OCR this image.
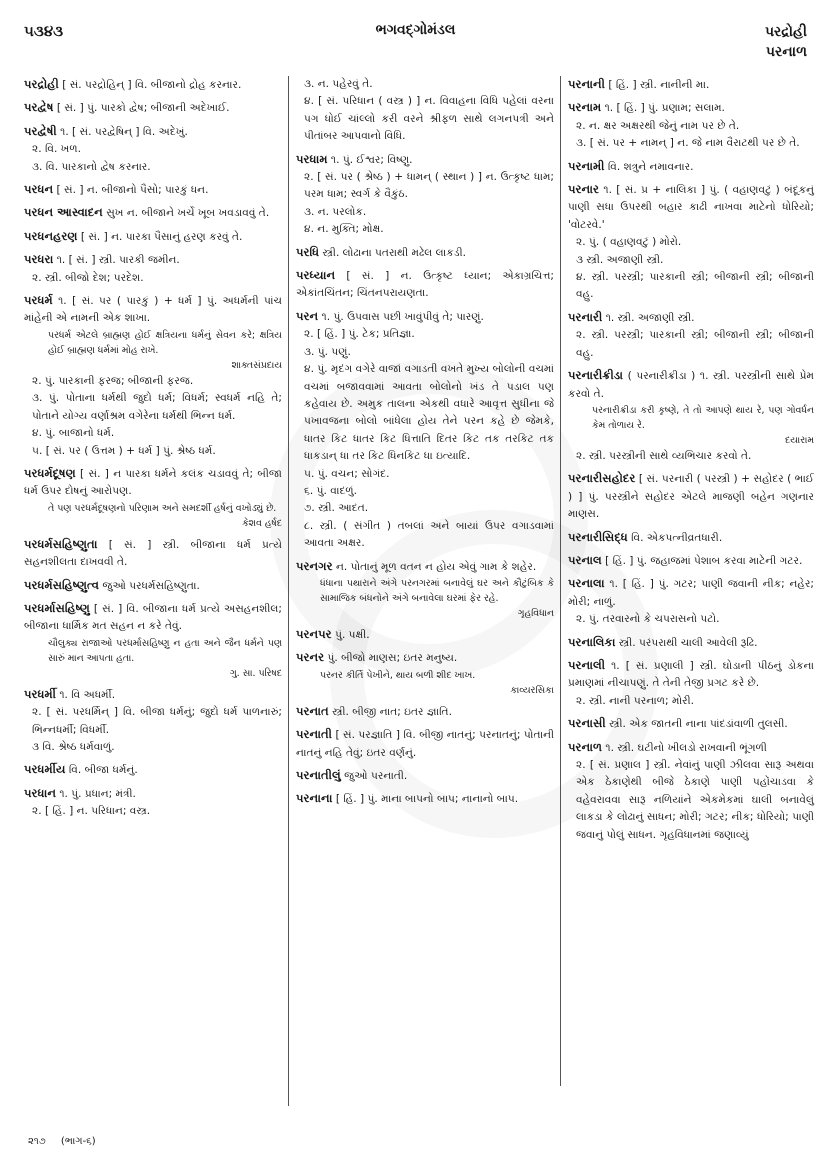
૫૩૪૩	ભગવદ્ગોમંડલ	પરદ્રોહી
પરનાળ
પરદ્રોહી [ સં. પરદ્રોહિન્ ] વિ. બીજાનો દ્રોહ કરનાર.
પરદ્વેષ [ સં. ] પું. પારકો દ્વેષ; બીજાની અદેખાઈ.
પરદ્વેષી ૧. [ સં. પરદ્વેષિન્ ] વિ. અદેખું.
૨. વિ. ખળ.
૩. વિ. પારકાનો દ્વેષ કરનાર.
પરધન [ સં. ] ન. બીજાનો પૈસો; પારકું ધન.
પરધન આસ્વાદન સુખ ન. બીજાને ખર્ચે ખૂબ ખવડાવવું તે.
પરધનહરણ [ સં. ] ન. પારકા પૈસાનું હરણ કરવું તે.
પરધરા ૧. [ સં. ] સ્ત્રી. પારકી જમીન.
૨. સ્ત્રી. બીજો દેશ; પરદેશ.
પરધર્મ ૧. [ સં. પર ( પારકું ) + ધર્મ ] પું. અધર્મની પાંચ માંહેની એ નામની એક શાખા.
પરધર્મ એટલે બ્રાહ્મણ હોઈ ક્ષત્રિયના ધર્મનું સેવન કરે; ક્ષત્રિય હોઈ બ્રાહ્મણ ધર્મમાં મોહ રાખે.
શાક્તસંપ્રદાય
૨. પું. પારકાની ફરજ; બીજાની ફરજ.
૩. પું. પોતાના ધર્મથી જુદો ધર્મ; વિધર્મ; સ્વધર્મ નહિ તે; પોતાને યોગ્ય વર્ણાશ્રમ વગેરેના ધર્મથી ભિન્ન ધર્મ.
૪. પું. બાજાનો ધર્મ.
૫. [ સં. પર ( ઉત્તમ ) + ધર્મ ] પું. શ્રેષ્ઠ ધર્મ.
પરધર્મદૂષણ [ સં. ] ન પારકા ધર્મને કલંક ચડાવવું તે; બીજા ધર્મ ઉપર દોષનું આરોપણ.
તે પણ પરધર્મદૂષણનો પરિણામ અને સમદર્શી હર્ષનું વખોડ્યું છે.
કેશવ હર્ષદ
પરધર્મસહિષ્ણુતા [ સં. ] સ્ત્રી. બીજાના ધર્મ પ્રત્યે સહનશીલતા દાખવવી તે.
પરધર્મસહિષ્ણુત્વ જુઓ પરધર્મસહિષ્ણુતા.
પરધર્માસહિષ્ણુ [ સં. ] વિ. બીજાના ધર્મ પ્રત્યે અસહનશીલ; બીજાના ધાર્મિક મત સહન ન કરે તેવું.
ચૌલુક્ય રાજાઓ પરધર્માસહિષ્ણુ ન હતા અને જૈન ધર્મને પણ સારું માન આપતા હતા.
ગુ. સા. પરિષદ
પરધર્મી ૧. વિ અધર્મી.
૨. [ સં. પરધર્મિન્ ] વિ. બીજા ધર્મનું; જુદો ધર્મ પાળનારું; ભિન્નધર્મી; વિધર્મી.
૩ વિ. શ્રેષ્ઠ ધર્મવાળું.
પરધર્મીય વિ. બીજા ધર્મનું.
પરધાન ૧. પું. પ્રધાન; મંત્રી.
૨. [ હિં. ] ન. પરિધાન; વસ્ત્ર.
૩. ન. પહેરવું તે.
૪. [ સં. પરિધાન ( વસ્ત્ર ) ] ન. વિવાહના વિધિ પહેલાં વરના પગ ધોઈ ચાંલ્લો કરી વરને શ્રીફળ સાથે લગનપત્રી અને પીતાંબર આપવાનો વિધિ.
પરધામ ૧. પું. ઈશ્વર; વિષ્ણુ.
૨. [ સં. પર ( શ્રેષ્ઠ ) + ધામન્ ( સ્થાન ) ] ન. ઉત્કૃષ્ટ ધામ; પરમ ધામ; સ્વર્ગ કે વૈકુંઠ.
૩. ન. પરલોક.
૪. ન. મુક્તિ; મોક્ષ.
પરધિ સ્ત્રી. લોઢાના પતરાથી મઢેલ લાકડી.
પરધ્યાન [ સં. ] ન. ઉત્કૃષ્ટ ધ્યાન; એકાગ્રચિત્ત; એકાંતચિંતન; ચિંતનપરાયણતા.
પરન ૧. પું. ઉપવાસ પછી ખાવુંપીવું તે; પારણું.
૨. [ હિં. ] પું. ટેક; પ્રતિજ્ઞા.
૩. પું. પણું.
૪. પું. મૃદંગ વગેરે વાજાં વગાડતી વખતે મુખ્ય બોલોની વચમાં વચમાં બજાવવામાં આવતા બોલોનો ખંડ તે પડાલ પણ કહેવાય છે. અમુક તાલના એકથી વધારે આવૃત્ત સુધીના જે પખાવજના બોલો બાંધેલા હોય તેને પરન કહે છે જેમકે, ધાતર કિટ ધાતર કિટ ધિત્તાતિ દિતર કિટ તક તરકિટ તક ધાકડાન્ ધા તર કિટ ધિનકિટ ધા ઇત્યાદિ.
૫. પું. વચન; સોગંદ.
૬. પું. વાદળું.
૭. સ્ત્રી. આદત.
૮. સ્ત્રી. ( સંગીત ) તબલાં અને બાયાં ઉપર વગાડવામાં આવતા અક્ષર.
પરનગર ન. પોતાનું મૂળ વતન ન હોય એવું ગામ કે શહેર.
ધંધાના પથારાને અંગે પરનગરમાં બનાવેલું ઘર અને કૌટુંબિક કે સામાજિક બંધનોને અંગે બનાવેલા ઘરમાં ફેર રહે.
ગૃહવિધાન
પરનપર પું. પક્ષી.
પરનર પું. બીજો માણસ; ઇતર મનુષ્ય.
પરનર કીર્તિ પેખીને, થાય બળી શીદ ખાખ.
કાવ્યરસિકા
પરનાત સ્ત્રી. બીજી નાત; ઇતર જ્ઞાતિ.
પરનાતી [ સં. પરજ્ઞાતિ ] વિ. બીજી નાતનું; પરનાતનું; પોતાની નાતનું નહિ તેવું; ઇતર વર્ણનું.
પરનાતીલું જુઓ પરનાતી.
પરનાના [ હિં. ] પું. માના બાપનો બાપ; નાનાનો બાપ.
પરનાની [ હિં. ] સ્ત્રી. નાનીની મા.
પરનામ ૧. [ હિં. ] પું. પ્રણામ; સલામ.
૨. ન. ક્ષર અક્ષરથી જેનું નામ પર છે તે.
૩. [ સં. પર + નામન્ ] ન. જે નામ વૈરાટથી પર છે તે.
પરનામી વિ. શત્રુને નમાવનાર.
પરનાર ૧. [ સં. પ્ર + નાલિકા ] પું. ( વહાણવટું ) બંદૂકનું પાણી સધા ઉપરથી બહાર કાઢી નાખવા માટેનો ધોરિયો; 'વોટરવે.'
૨. પું. ( વહાણવટું ) મોરો.
૩ સ્ત્રી. અજાણી સ્ત્રી.
૪. સ્ત્રી. પરસ્ત્રી; પારકાની સ્ત્રી; બીજાની સ્ત્રી; બીજાની વહુ.
પરનારી ૧. સ્ત્રી. અજાણી સ્ત્રી.
૨. સ્ત્રી. પરસ્ત્રી; પારકાની સ્ત્રી; બીજાની સ્ત્રી; બીજાની વહુ.
પરનારીક્રીડા ( પરનારીક્રીડા ) ૧. સ્ત્રી. પરસ્ત્રીની સાથે પ્રેમ કરવો તે.
પરનારીક્રીડા કરી કૃષ્ણે, તે તો આપણે થાય રે, પણ ગોવર્ધન કેમ તોળાય રે.
દયારામ
૨. સ્ત્રી. પરસ્ત્રીની સાથે વ્યભિચાર કરવો તે.
પરનારીસહોદર [ સં. પરનારી ( પરસ્ત્રી ) + સહોદર ( ભાઈ ) ] પું. પરસ્ત્રીને સહોદર એટલે માજણી બહેન ગણનાર માણસ.
પરનારીસિદ્ધ વિ. એકપત્નીવ્રતધારી.
પરનાલ [ હિં. ] પું. જહાજમાં પેશાબ કરવા માટેની ગટર.
પરનાલા ૧. [ હિં. ] પું. ગટર; પાણી જવાની નીક; નહેર; મોરી; નાળું.
૨. પું. તરવારનો કે ચપરાસનો પટો.
પરનાલિકા સ્ત્રી. પરંપરાથી ચાલી આવેલી રૂઢિ.
પરનાલી ૧. [ સં. પ્રણાલી ] સ્ત્રી. ઘોડાની પીઠનું ડોકના પ્રમાણમાં નીચાપણું. તે તેની તેજી પ્રગટ કરે છે.
૨. સ્ત્રી. નાની પરનાળ; મોરી.
પરનાસી સ્ત્રી. એક જાતની નાના પાંદડાંવાળી તુલસી.
પરનાળ ૧. સ્ત્રી. ઘટીનો ખીલડો રાખવાની ભૂંગળી
૨. [ સં. પ્રણાલ ] સ્ત્રી. નેવાંનું પાણી ઝીલવા સારૂ અથવા એક ઠેકાણેથી બીજે ઠેકાણે પાણી પહોંચાડવા કે વહેવરાવવા સારૂ નળિયાંને એકમેકમાં ઘાલી બનાવેલું લાકડા કે લોઢાનું સાધન; મોરી; ગટર; નીક; ધોરિયો; પાણી જવાનું પોલું સાધન. ગૃહવિધાનમાં જણાવ્યું
૨૧૭ (ભાગ-૬)
